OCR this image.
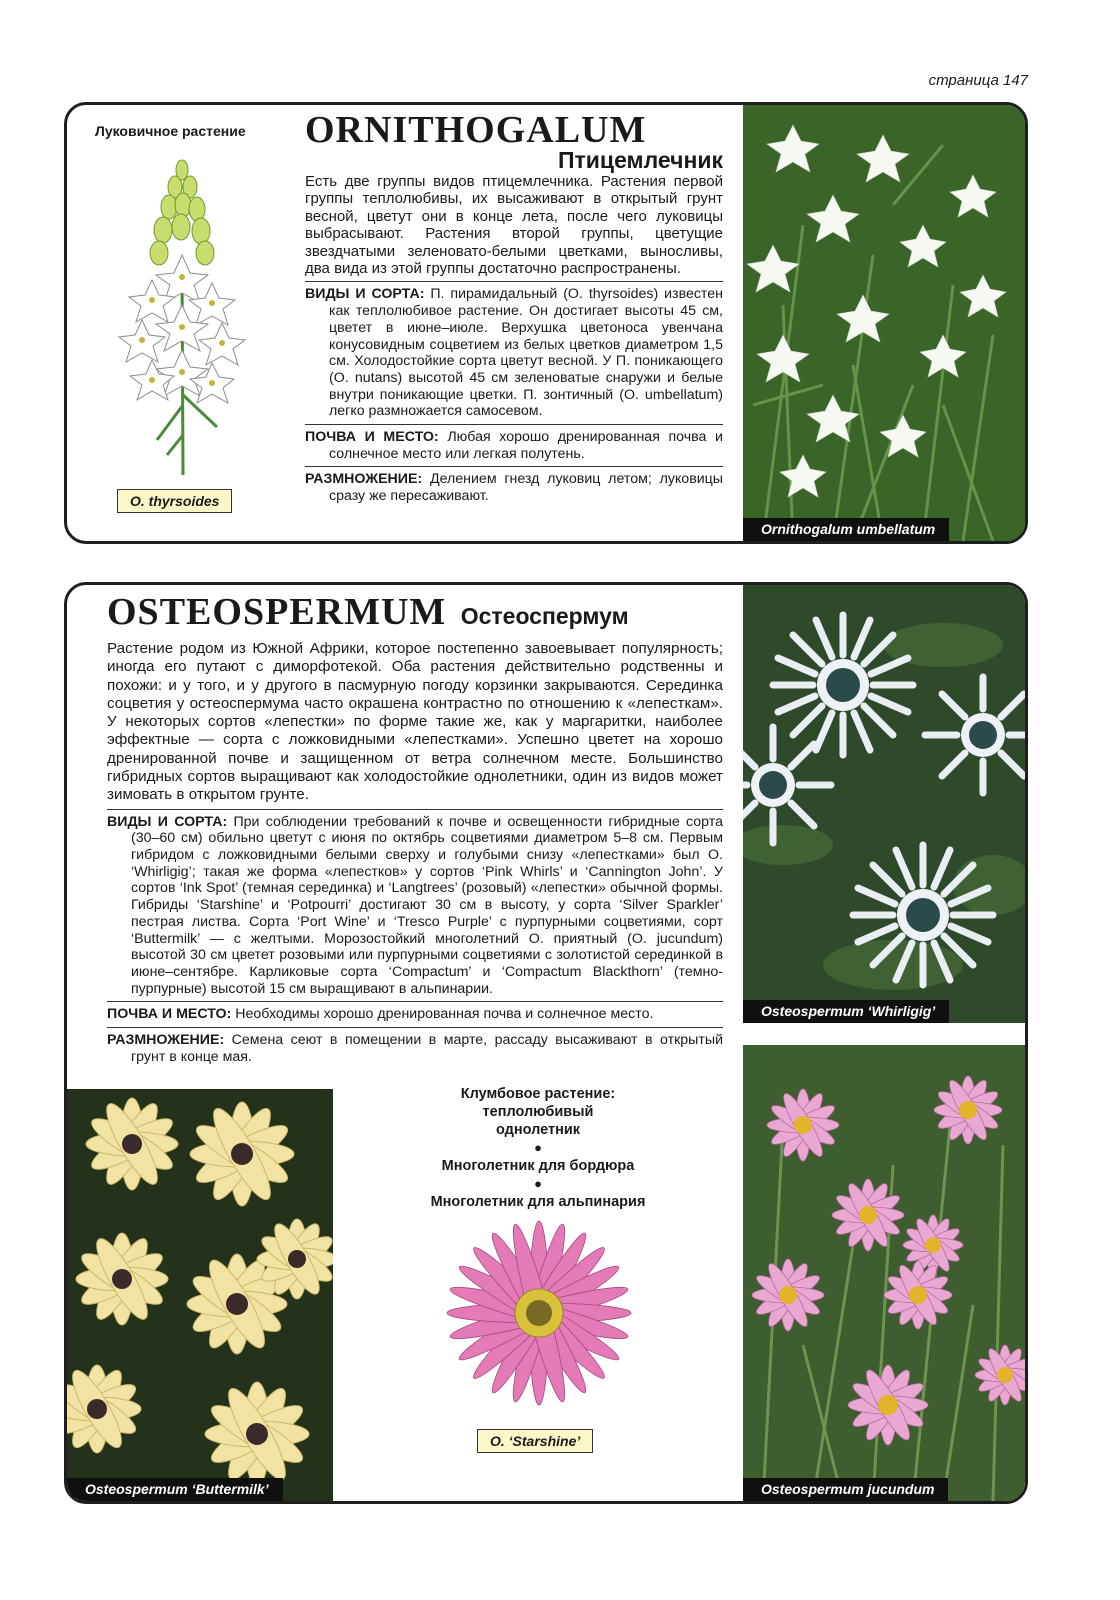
страница 147
Луковичное растение
O. thyrsoides
ORNITHOGALUM
Птицемлечник
Есть две группы видов птицемлечника. Растения первой группы теплолюбивы, их высаживают в открытый грунт весной, цветут они в конце лета, после чего луковицы выбрасывают. Растения второй группы, цветущие звездчатыми зеленовато-белыми цветками, выносливы, два вида из этой группы достаточно распространены.
ВИДЫ И СОРТА: П. пирамидальный (О. thyrsoides) известен как теплолюбивое растение. Он достигает высоты 45 см, цветет в июне–июле. Верхушка цветоноса увенчана конусовидным соцветием из белых цветков диаметром 1,5 см. Холодостойкие сорта цветут весной. У П. поникающего (О. nutans) высотой 45 см зеленоватые снаружи и белые внутри поникающие цветки. П. зонтичный (О. umbellatum) легко размножается самосевом.
ПОЧВА И МЕСТО: Любая хорошо дренированная почва и солнечное место или легкая полутень.
РАЗМНОЖЕНИЕ: Делением гнезд луковиц летом; луковицы сразу же пересаживают.
Ornithogalum umbellatum
OSTEOSPERMUM Остеоспермум
Растение родом из Южной Африки, которое постепенно завоевывает популярность; иногда его путают с диморфотекой. Оба растения действительно родственны и похожи: и у того, и у другого в пасмурную погоду корзинки закрываются. Серединка соцветия у остеоспермума часто окрашена контрастно по отношению к «лепесткам». У некоторых сортов «лепестки» по форме такие же, как у маргаритки, наиболее эффектные — сорта с ложковидными «лепестками». Успешно цветет на хорошо дренированной почве и защищенном от ветра солнечном месте. Большинство гибридных сортов выращивают как холодостойкие однолетники, один из видов может зимовать в открытом грунте.
ВИДЫ И СОРТА: При соблюдении требований к почве и освещенности гибридные сорта (30–60 см) обильно цветут с июня по октябрь соцветиями диаметром 5–8 см. Первым гибридом с ложковидными белыми сверху и голубыми снизу «лепестками» был О. ‘Whirligig’; такая же форма «лепестков» у сортов ‘Pink Whirls’ и ‘Cannington John’. У сортов ‘Ink Spot’ (темная серединка) и ‘Langtrees’ (розовый) «лепестки» обычной формы. Гибриды ‘Starshine’ и ‘Potpourri’ достигают 30 см в высоту, у сорта ‘Silver Sparkler’ пестрая листва. Сорта ‘Port Wine’ и ‘Tresco Purple’ с пурпурными соцветиями, сорт ‘Buttermilk’ — с желтыми. Морозостойкий многолетний О. приятный (О. jucundum) высотой 30 см цветет розовыми или пурпурными соцветиями с золотистой серединкой в июне–сентябре. Карликовые сорта ‘Compactum’ и ‘Compactum Blackthorn’ (темно-пурпурные) высотой 15 см выращивают в альпинарии.
ПОЧВА И МЕСТО: Необходимы хорошо дренированная почва и солнечное место.
РАЗМНОЖЕНИЕ: Семена сеют в помещении в марте, рассаду высаживают в открытый грунт в конце мая.
Osteospermum ‘Whirligig’
Osteospermum ‘Buttermilk’
Клумбовое растение: теплолюбивый однолетник
●
Многолетник для бордюра
●
Многолетник для альпинария
O. ‘Starshine’
Osteospermum jucundum
